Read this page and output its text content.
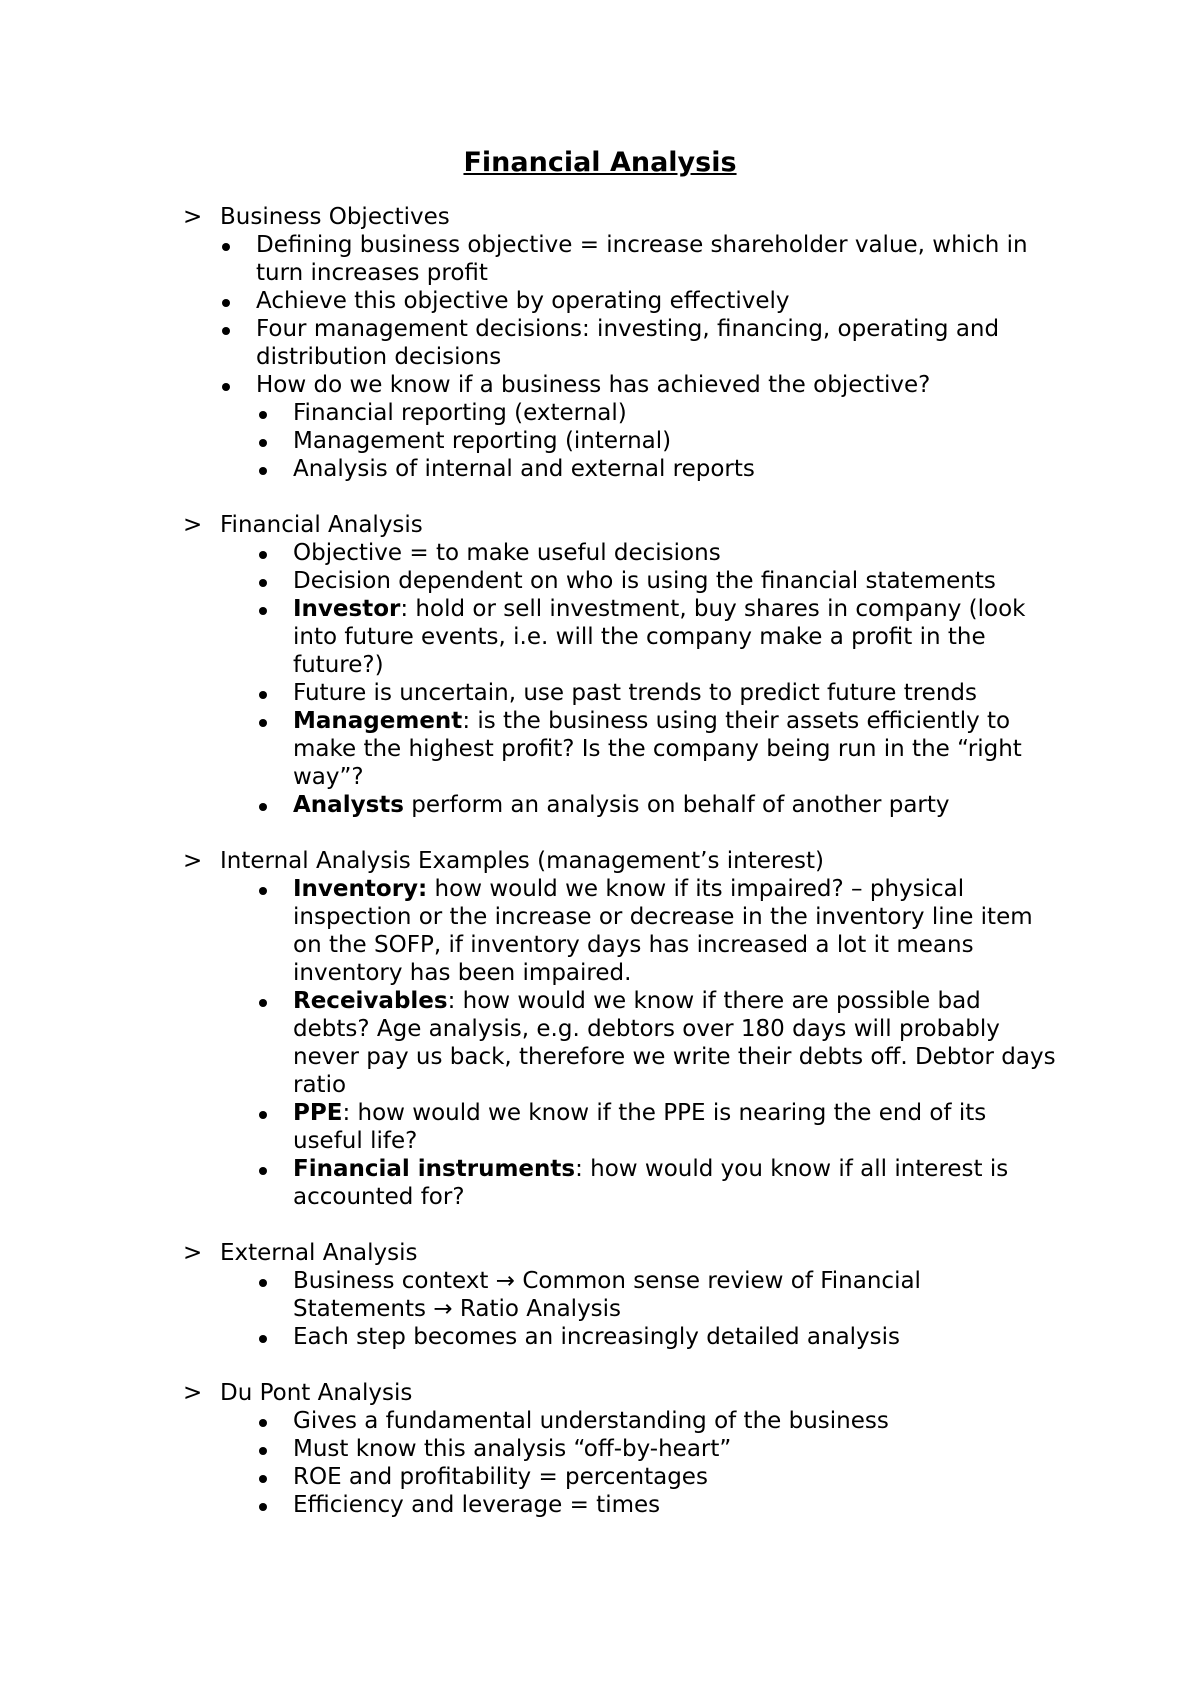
Financial Analysis
> Business Objectives
Defining business objective = increase shareholder value, which in turn increases profit
Achieve this objective by operating effectively
Four management decisions: investing, financing, operating and distribution decisions
How do we know if a business has achieved the objective?
Financial reporting (external)
Management reporting (internal)
Analysis of internal and external reports
> Financial Analysis
Objective = to make useful decisions
Decision dependent on who is using the financial statements
Investor: hold or sell investment, buy shares in company (look into future events, i.e. will the company make a profit in the future?)
Future is uncertain, use past trends to predict future trends
Management: is the business using their assets efficiently to make the highest profit? Is the company being run in the “right way”?
Analysts perform an analysis on behalf of another party
> Internal Analysis Examples (management’s interest)
Inventory: how would we know if its impaired? – physical inspection or the increase or decrease in the inventory line item on the SOFP, if inventory days has increased a lot it means inventory has been impaired.
Receivables: how would we know if there are possible bad debts? Age analysis, e.g. debtors over 180 days will probably never pay us back, therefore we write their debts off. Debtor days ratio
PPE: how would we know if the PPE is nearing the end of its useful life?
Financial instruments: how would you know if all interest is accounted for?
> External Analysis
Business context → Common sense review of Financial Statements → Ratio Analysis
Each step becomes an increasingly detailed analysis
> Du Pont Analysis
Gives a fundamental understanding of the business
Must know this analysis “off-by-heart”
ROE and profitability = percentages
Efficiency and leverage = times
